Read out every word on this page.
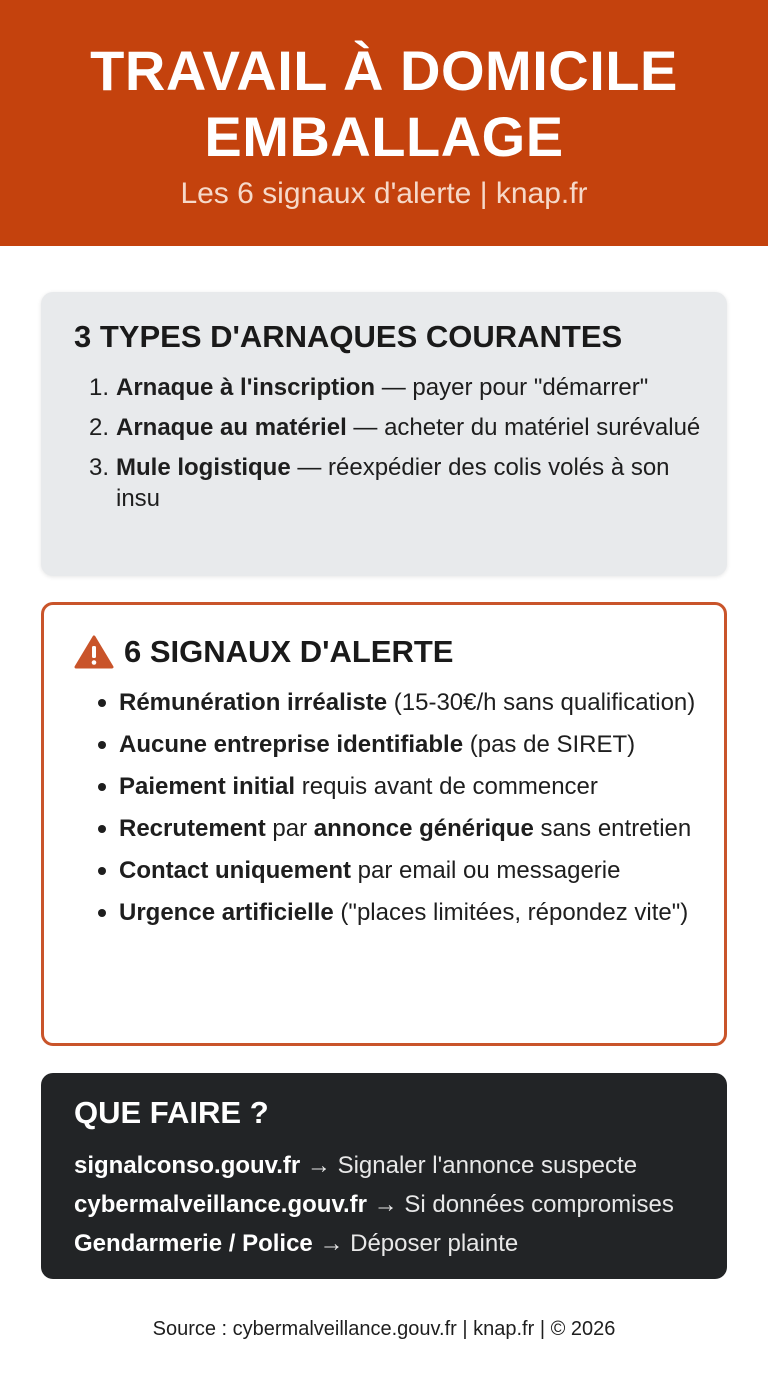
TRAVAIL À DOMICILE
EMBALLAGE
Les 6 signaux d'alerte | knap.fr
3 TYPES D'ARNAQUES COURANTES
1. Arnaque à l'inscription — payer pour "démarrer"
2. Arnaque au matériel — acheter du matériel surévalué
3. Mule logistique — réexpédier des colis volés à son insu
6 SIGNAUX D'ALERTE
Rémunération irréaliste (15-30€/h sans qualification)
Aucune entreprise identifiable (pas de SIRET)
Paiement initial requis avant de commencer
Recrutement par annonce générique sans entretien
Contact uniquement par email ou messagerie
Urgence artificielle ("places limitées, répondez vite")
QUE FAIRE ?
signalconso.gouv.fr → Signaler l'annonce suspecte
cybermalveillance.gouv.fr → Si données compromises
Gendarmerie / Police → Déposer plainte
Source : cybermalveillance.gouv.fr | knap.fr | © 2026
